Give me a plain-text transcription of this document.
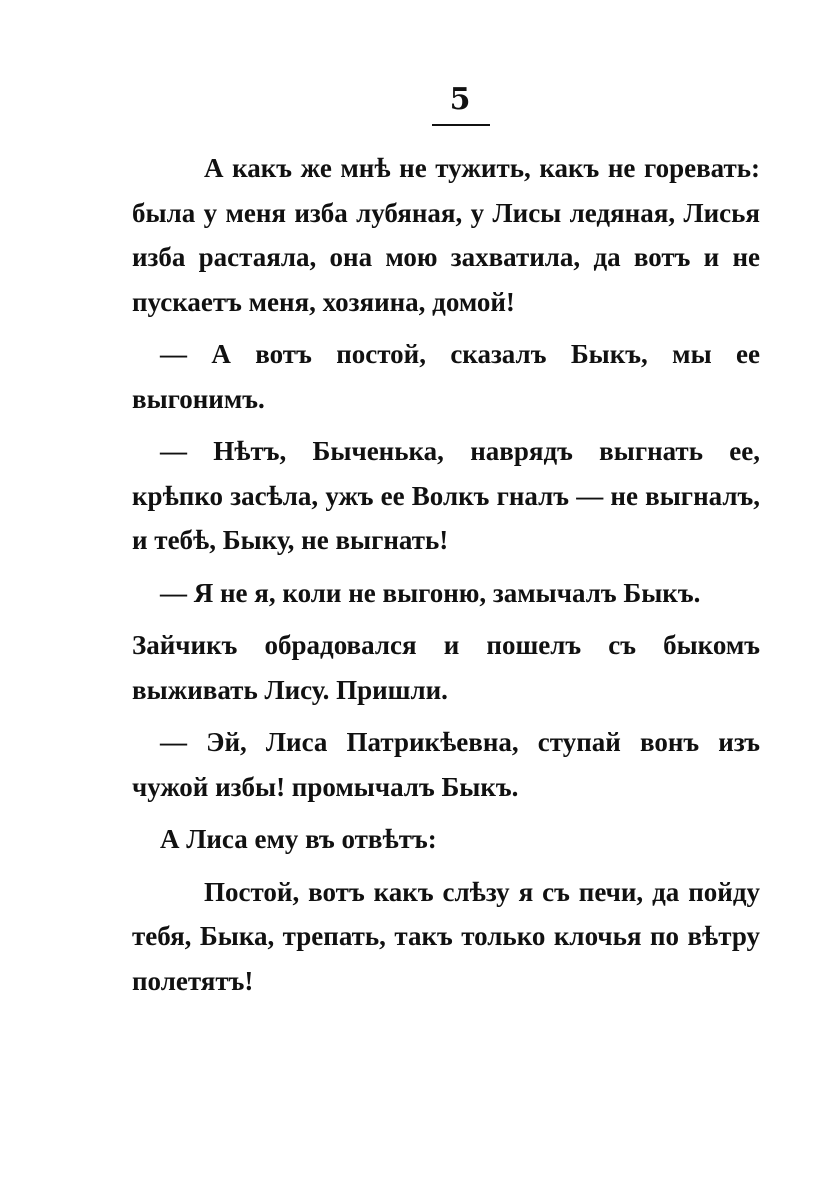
5

А какъ же мнѣ не тужить, какъ не горевать: была у меня изба лубяная, у Лисы ледяная, Лисья изба растаяла, она мою захватила, да вотъ и не пускаетъ меня, хозяина, домой!

— А вотъ постой, сказалъ Быкъ, мы ее выгонимъ.

— Нѣтъ, Быченька, наврядъ выгнать ее, крѣпко засѣла, ужъ ее Волкъ гналъ — не выгналъ, и тебѣ, Быку, не выгнать!

— Я не я, коли не выгоню, замычалъ Быкъ.

Зайчикъ обрадовался и пошелъ съ быкомъ выживать Лису. Пришли.

— Эй, Лиса Патрикѣевна, ступай вонъ изъ чужой избы! промычалъ Быкъ.

А Лиса ему въ отвѣтъ:

Постой, вотъ какъ слѣзу я съ печи, да пойду тебя, Быка, трепать, такъ только клочья по вѣтру полетятъ!
